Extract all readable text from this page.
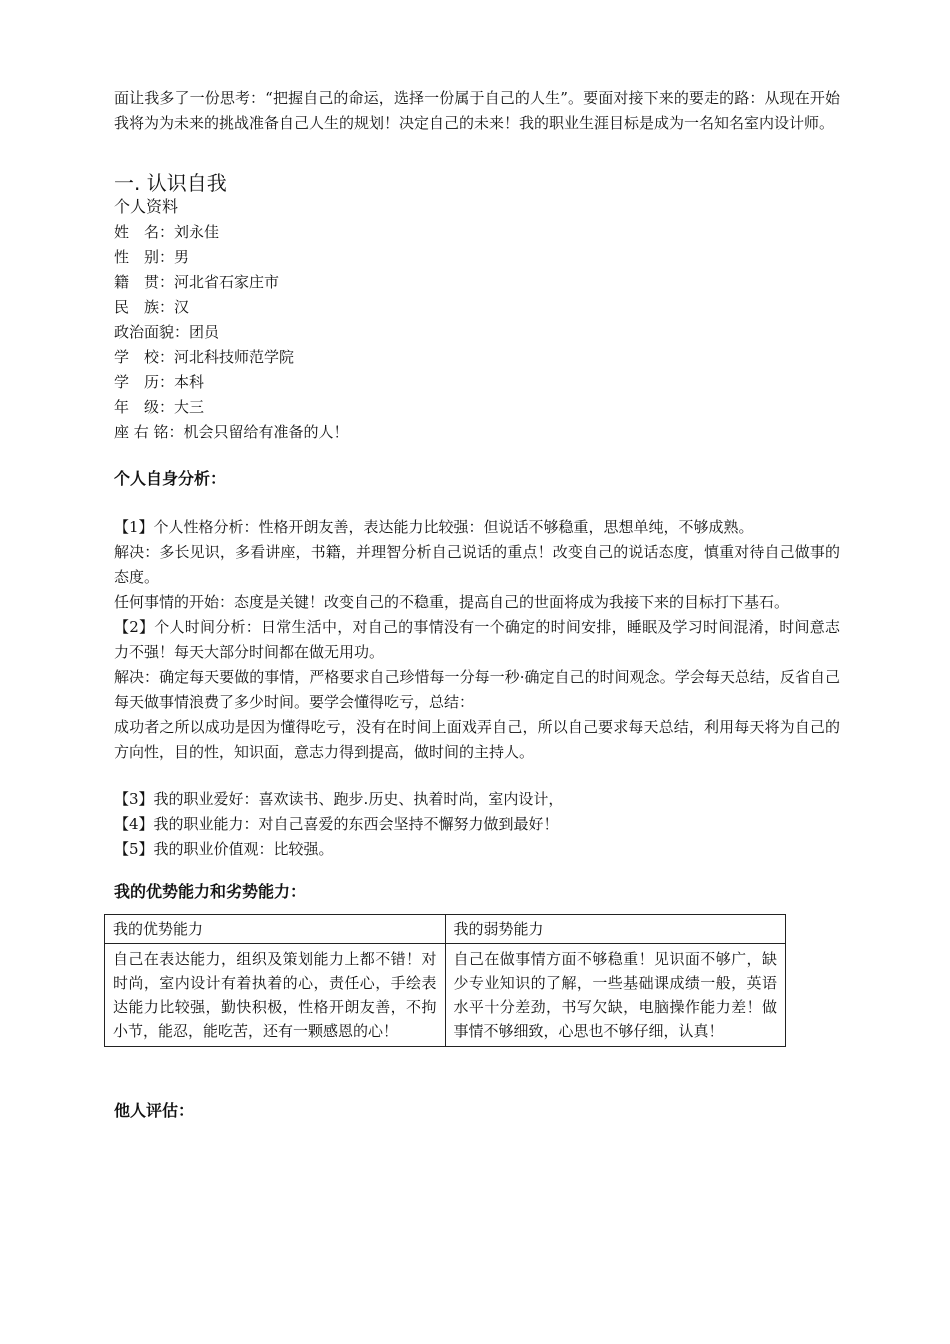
面让我多了一份思考：“把握自己的命运，选择一份属于自己的人生”。要面对接下来的要走的路：从现在开始我将为为未来的挑战准备自己人生的规划！决定自己的未来！我的职业生涯目标是成为一名知名室内设计师。

一. 认识自我
个人资料
姓　名： 刘永佳
性　别： 男
籍　贯： 河北省石家庄市
民　族： 汉
政治面貌： 团员
学　校： 河北科技师范学院
学　历： 本科
年　级： 大三
座 右 铭： 机会只留给有准备的人！
个人自身分析：

【1】个人性格分析：性格开朗友善，表达能力比较强：但说话不够稳重，思想单纯，不够成熟。

解决：多长见识，多看讲座，书籍，并理智分析自己说话的重点！改变自己的说话态度，慎重对待自己做事的态度。

任何事情的开始：态度是关键！改变自己的不稳重，提高自己的世面将成为我接下来的目标打下基石。

【2】个人时间分析：日常生活中，对自己的事情没有一个确定的时间安排，睡眠及学习时间混淆，时间意志力不强！每天大部分时间都在做无用功。

解决：确定每天要做的事情，严格要求自己珍惜每一分每一秒·确定自己的时间观念。学会每天总结，反省自己每天做事情浪费了多少时间。要学会懂得吃亏，总结：

成功者之所以成功是因为懂得吃亏，没有在时间上面戏弄自己，所以自己要求每天总结，利用每天将为自己的方向性，目的性，知识面，意志力得到提高，做时间的主持人。

【3】我的职业爱好：喜欢读书、跑步.历史、执着时尚，室内设计，

【4】我的职业能力：对自己喜爱的东西会坚持不懈努力做到最好！

【5】我的职业价值观：比较强。

我的优势能力和劣势能力：
我的优势能力	我的弱势能力
自己在表达能力，组织及策划能力上都不错！对时尚，室内设计有着执着的心，责任心，手绘表达能力比较强，勤快积极，性格开朗友善，不拘小节，能忍，能吃苦，还有一颗感恩的心！	自己在做事情方面不够稳重！见识面不够广，缺少专业知识的了解，一些基础课成绩一般，英语水平十分差劲，书写欠缺，电脑操作能力差！做事情不够细致，心思也不够仔细，认真！
他人评估：
